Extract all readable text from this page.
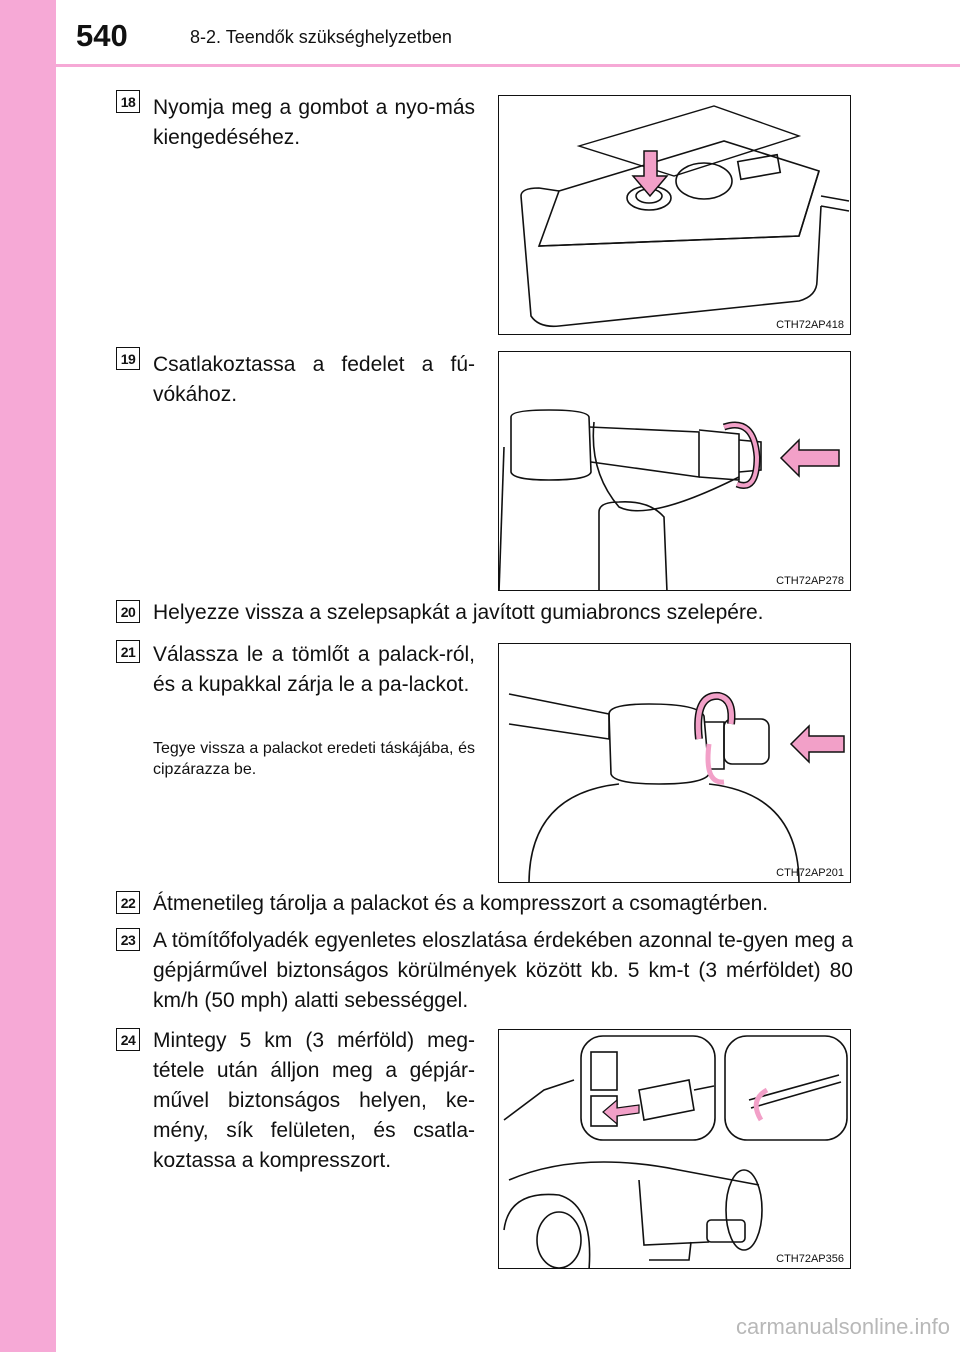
540	8-2. Teendők szükséghelyzetben
18 Nyomja meg a gombot a nyo-más kiengedéséhez.
CTH72AP418
19 Csatlakoztassa a fedelet a fú-vókához.
CTH72AP278
20 Helyezze vissza a szelepsapkát a javított gumiabroncs szelepére.
21 Válassza le a tömlőt a palack-ról, és a kupakkal zárja le a pa-lackot.
Tegye vissza a palackot eredeti táskájába, és cipzárazza be.
CTH72AP201
22 Átmenetileg tárolja a palackot és a kompresszort a csomagtérben.
23 A tömítőfolyadék egyenletes eloszlatása érdekében azonnal te-gyen meg a gépjárművel biztonságos körülmények között kb. 5 km-t (3 mérföldet) 80 km/h (50 mph) alatti sebességgel.
24 Mintegy 5 km (3 mérföld) meg-tétele után álljon meg a gépjár-művel biztonságos helyen, ke-mény, sík felületen, és csatla-koztassa a kompresszort.
CTH72AP356
carmanualsonline.info
